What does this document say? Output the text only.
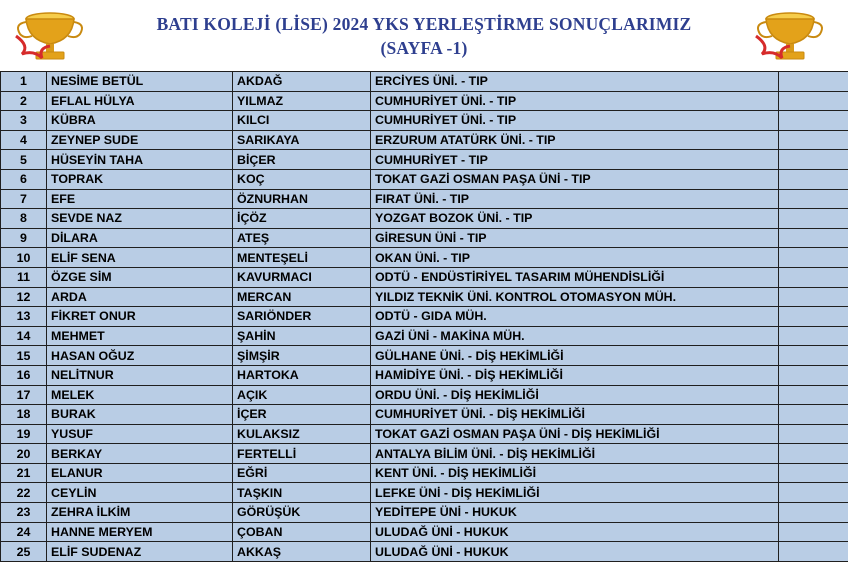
BATI KOLEJİ (LİSE) 2024 YKS YERLEŞTİRME SONUÇLARIMIZ
(SAYFA -1)
1	NESİME BETÜL	AKDAĞ	ERCİYES ÜNİ. - TIP	
2	EFLAL HÜLYA	YILMAZ	CUMHURİYET ÜNİ. - TIP	
3	KÜBRA	KILCI	CUMHURİYET ÜNİ. - TIP	
4	ZEYNEP SUDE	SARIKAYA	ERZURUM ATATÜRK ÜNİ. - TIP	
5	HÜSEYİN TAHA	BİÇER	CUMHURİYET - TIP	
6	TOPRAK	KOÇ	TOKAT GAZİ OSMAN PAŞA ÜNİ - TIP	
7	EFE	ÖZNURHAN	FIRAT ÜNİ. - TIP	
8	SEVDE NAZ	İÇÖZ	YOZGAT BOZOK ÜNİ. - TIP	
9	DİLARA	ATEŞ	GİRESUN ÜNİ - TIP	
10	ELİF SENA	MENTEŞELİ	OKAN ÜNİ. - TIP	
11	ÖZGE SİM	KAVURMACI	ODTÜ - ENDÜSTİRİYEL TASARIM MÜHENDİSLİĞİ	
12	ARDA	MERCAN	YILDIZ TEKNİK ÜNİ. KONTROL OTOMASYON MÜH.	
13	FİKRET ONUR	SARIÖNDER	ODTÜ - GIDA MÜH.	
14	MEHMET	ŞAHİN	GAZİ ÜNİ - MAKİNA MÜH.	
15	HASAN OĞUZ	ŞİMŞİR	GÜLHANE ÜNİ. - DİŞ HEKİMLİĞİ	
16	NELİTNUR	HARTOKA	HAMİDİYE ÜNİ. - DİŞ HEKİMLİĞİ	
17	MELEK	AÇIK	ORDU ÜNİ. - DİŞ HEKİMLİĞİ	
18	BURAK	İÇER	CUMHURİYET ÜNİ. - DİŞ HEKİMLİĞİ	
19	YUSUF	KULAKSIZ	TOKAT GAZİ OSMAN PAŞA ÜNİ - DİŞ HEKİMLİĞİ	
20	BERKAY	FERTELLİ	ANTALYA BİLİM ÜNİ. - DİŞ HEKİMLİĞİ	
21	ELANUR	EĞRİ	KENT ÜNİ. - DİŞ HEKİMLİĞİ	
22	CEYLİN	TAŞKIN	LEFKE ÜNİ - DİŞ HEKİMLİĞİ	
23	ZEHRA İLKİM	GÖRÜŞÜK	YEDİTEPE ÜNİ - HUKUK	
24	HANNE MERYEM	ÇOBAN	ULUDAĞ ÜNİ - HUKUK	
25	ELİF SUDENAZ	AKKAŞ	ULUDAĞ ÜNİ - HUKUK	
